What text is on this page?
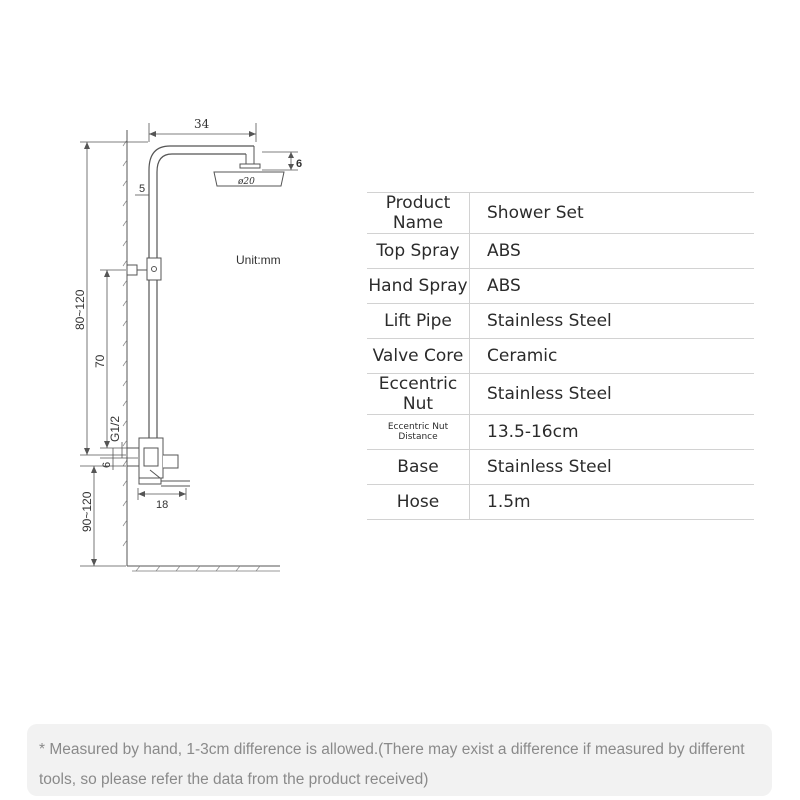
34
6
ø20
5
18
Unit:mm
80~120
70
G1/2
6
90~120
Product Name	Shower Set
Top Spray	ABS
Hand Spray	ABS
Lift Pipe	Stainless Steel
Valve Core	Ceramic
Eccentric Nut	Stainless Steel
Eccentric Nut Distance	13.5-16cm
Base	Stainless Steel
Hose	1.5m
* Measured by hand, 1-3cm difference is allowed.(There may exist a difference if measured by different tools, so please refer the data from the product received)
